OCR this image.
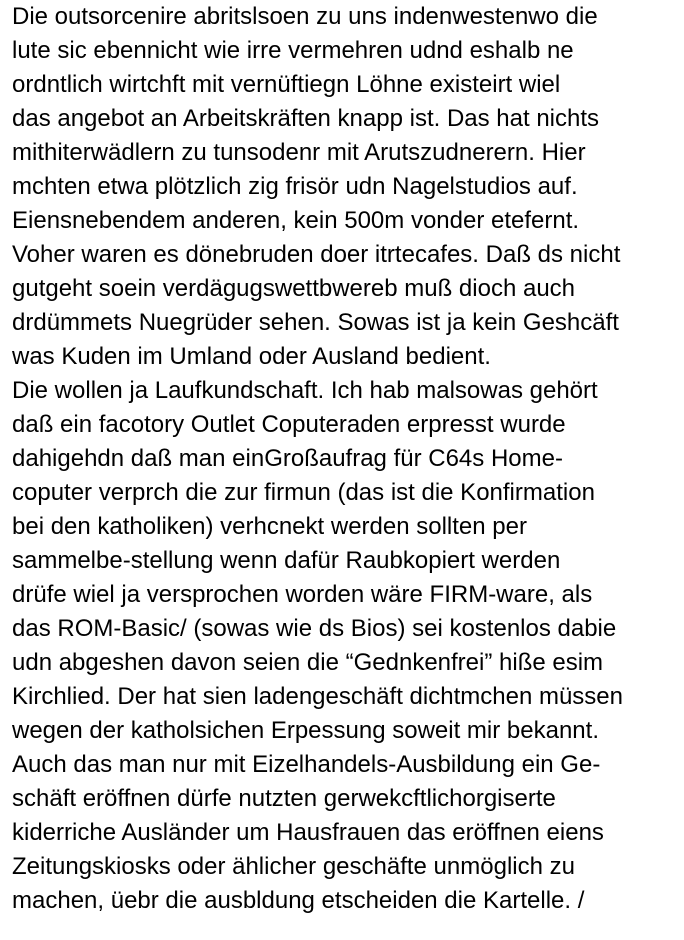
Die outsorcenire abritslsoen zu uns indenwestenwo die
lute sic ebennicht wie irre vermehren udnd eshalb ne
ordntlich wirtchft mit vernüftiegn Löhne existeirt wiel
das angebot an Arbeitskräften knapp ist. Das hat nichts
mithiterwädlern zu tunsodenr mit Arutszudnerern. Hier
mchten etwa plötzlich zig frisör udn Nagelstudios auf.
Eiensnebendem anderen, kein 500m vonder etefernt.
Voher waren es dönebruden doer itrtecafes. Daß ds nicht
gutgeht soein verdägugswettbwereb muß dioch auch
drdümmets Nuegrüder sehen. Sowas ist ja kein Geshcäft
was Kuden im Umland oder Ausland bedient.
Die wollen ja Laufkundschaft. Ich hab malsowas gehört
daß ein facotory Outlet Coputeraden erpresst wurde
dahigehdn daß man einGroßaufrag für C64s Home-
coputer verprch die zur firmun (das ist die Konfirmation
bei den katholiken) verhcnekt werden sollten per
sammelbe-stellung wenn dafür Raubkopiert werden
drüfe wiel ja versprochen worden wäre FIRM-ware, als
das ROM-Basic/ (sowas wie ds Bios) sei kostenlos dabie
udn abgeshen davon seien die “Gednkenfrei” hiße esim
Kirchlied. Der hat sien ladengeschäft dichtmchen müssen
wegen der katholsichen Erpessung soweit mir bekannt.
Auch das man nur mit Eizelhandels-Ausbildung ein Ge-
schäft eröffnen dürfe nutzten gerwekcftlichorgiserte
kiderriche Ausländer um Hausfrauen das eröffnen eiens
Zeitungskiosks oder ählicher geschäfte unmöglich zu
machen, üebr die ausbldung etscheiden die Kartelle. /
